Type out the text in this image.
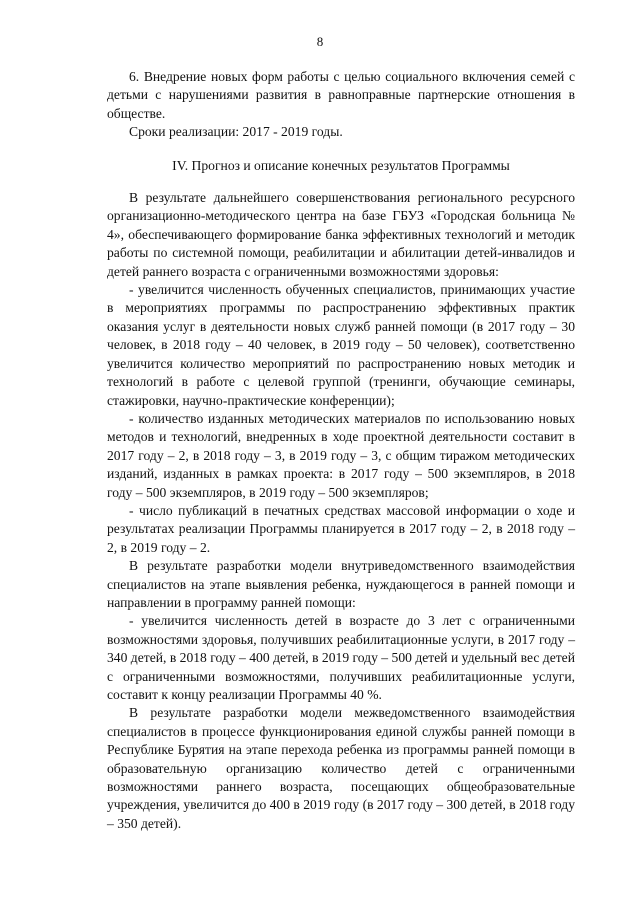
8

6. Внедрение новых форм работы с целью социального включения семей с детьми с нарушениями развития в равноправные партнерские отношения в обществе.

Сроки реализации: 2017 - 2019 годы.

IV. Прогноз и описание конечных результатов Программы

В результате дальнейшего совершенствования регионального ресурсного организационно-методического центра на базе ГБУЗ «Городская больница № 4», обеспечивающего формирование банка эффективных технологий и методик работы по системной помощи, реабилитации и абилитации детей-инвалидов и детей раннего возраста с ограниченными возможностями здоровья:

- увеличится численность обученных специалистов, принимающих участие в мероприятиях программы по распространению эффективных практик оказания услуг в деятельности новых служб ранней помощи (в 2017 году – 30 человек, в 2018 году – 40 человек, в 2019 году – 50 человек), соответственно увеличится количество мероприятий по распространению новых методик и технологий в работе с целевой группой (тренинги, обучающие семинары, стажировки, научно-практические конференции);

- количество изданных методических материалов по использованию новых методов и технологий, внедренных в ходе проектной деятельности составит в 2017 году – 2, в 2018 году – 3, в 2019 году – 3, с общим тиражом методических изданий, изданных в рамках проекта: в 2017 году – 500 экземпляров, в 2018 году – 500 экземпляров, в 2019 году – 500 экземпляров;

- число публикаций в печатных средствах массовой информации о ходе и результатах реализации Программы планируется в 2017 году – 2, в 2018 году – 2, в 2019 году – 2.

В результате разработки модели внутриведомственного взаимодействия специалистов на этапе выявления ребенка, нуждающегося в ранней помощи и направлении в программу ранней помощи:

- увеличится численность детей в возрасте до 3 лет с ограниченными возможностями здоровья, получивших реабилитационные услуги, в 2017 году – 340 детей, в 2018 году – 400 детей, в 2019 году – 500 детей и удельный вес детей с ограниченными возможностями, получивших реабилитационные услуги, составит к концу реализации Программы 40 %.

В результате разработки модели межведомственного взаимодействия специалистов в процессе функционирования единой службы ранней помощи в Республике Бурятия на этапе перехода ребенка из программы ранней помощи в образовательную организацию количество детей с ограниченными возможностями раннего возраста, посещающих общеобразовательные учреждения, увеличится до 400 в 2019 году (в 2017 году – 300 детей, в 2018 году – 350 детей).
